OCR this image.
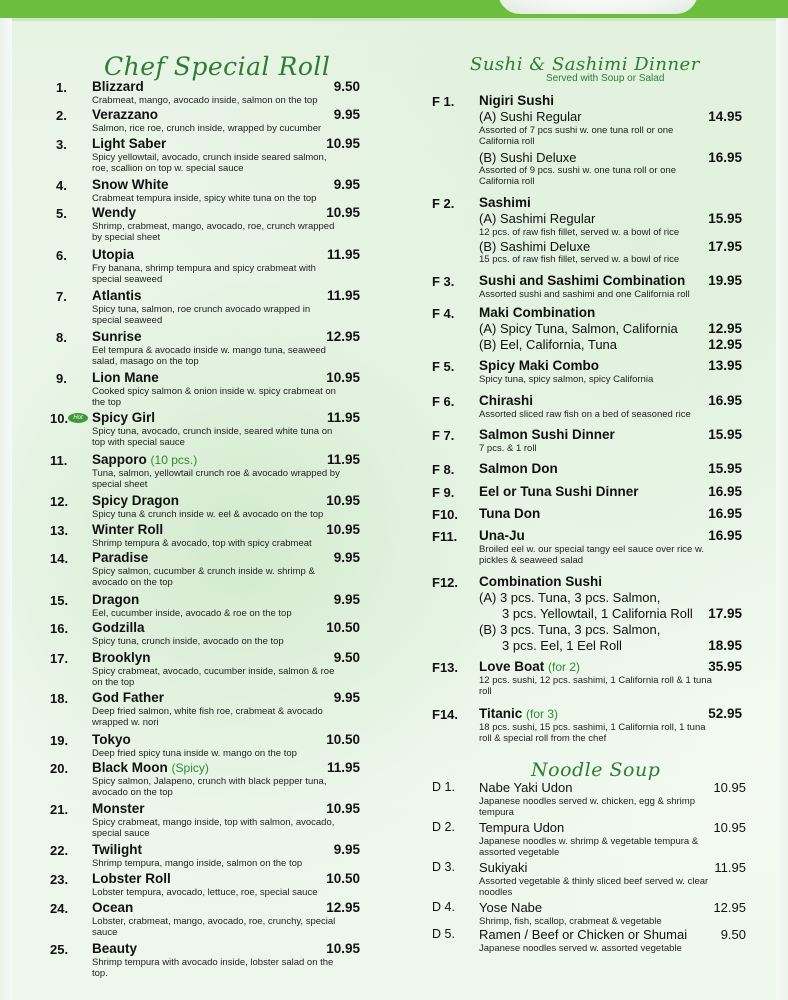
Chef Special Roll	Sushi & Sashimi Dinner
Served with Soup or Salad
Noodle Soup
Hot
1. Blizzard	9.50
Crabmeat, mango, avocado inside, salmon on the top
2. Verazzano	9.95
Salmon, rice roe, crunch inside, wrapped by cucumber
3. Light Saber	10.95
Spicy yellowtail, avocado, crunch inside seared salmon, roe, scallion on top w. special sauce
4. Snow White	9.95
Crabmeat tempura inside, spicy white tuna on the top
5. Wendy	10.95
Shrimp, crabmeat, mango, avocado, roe, crunch wrapped by special sheet
6. Utopia	11.95
Fry banana, shrimp tempura and spicy crabmeat with special seaweed
7. Atlantis	11.95
Spicy tuna, salmon, roe crunch avocado wrapped in special seaweed
8. Sunrise	12.95
Eel tempura & avocado inside w. mango tuna, seaweed salad, masago on the top
9. Lion Mane	10.95
Cooked spicy salmon & onion inside w. spicy crabmeat on the top
10. Spicy Girl	11.95
Spicy tuna, avocado, crunch inside, seared white tuna on top with special sauce
11. Sapporo (10 pcs.)	11.95
Tuna, salmon, yellowtail crunch roe & avocado wrapped by special sheet
12. Spicy Dragon	10.95
Spicy tuna & crunch inside w. eel & avocado on the top
13. Winter Roll	10.95
Shrimp tempura & avocado, top with spicy crabmeat
14. Paradise	9.95
Spicy salmon, cucumber & crunch inside w. shrimp & avocado on the top
15. Dragon	9.95
Eel, cucumber inside, avocado & roe on the top
16. Godzilla	10.50
Spicy tuna, crunch inside, avocado on the top
17. Brooklyn	9.50
Spicy crabmeat, avocado, cucumber inside, salmon & roe on the top
18. God Father	9.95
Deep fried salmon, white fish roe, crabmeat & avocado wrapped w. nori
19. Tokyo	10.50
Deep fried spicy tuna inside w. mango on the top
20. Black Moon (Spicy)	11.95
Spicy salmon, Jalapeno, crunch with black pepper tuna, avocado on the top
21. Monster	10.95
Spicy crabmeat, mango inside, top with salmon, avocado, special sauce
22. Twilight	9.95
Shrimp tempura, mango inside, salmon on the top
23. Lobster Roll	10.50
Lobster tempura, avocado, lettuce, roe, special sauce
24. Ocean	12.95
Lobster, crabmeat, mango, avocado, roe, crunchy, special sauce
25. Beauty	10.95
Shrimp tempura with avocado inside, lobster salad on the top.
F 1. Nigiri Sushi
(A) Sushi Regular	14.95
Assorted of 7 pcs sushi w. one tuna roll or one California roll
(B) Sushi Deluxe	16.95
Assorted of 9 pcs. sushi w. one tuna roll or one California roll
F 2. Sashimi
(A) Sashimi Regular	15.95
12 pcs. of raw fish fillet, served w. a bowl of rice
(B) Sashimi Deluxe	17.95
15 pcs. of raw fish fillet, served w. a bowl of rice
F 3. Sushi and Sashimi Combination	19.95
Assorted sushi and sashimi and one California roll
F 4. Maki Combination
(A) Spicy Tuna, Salmon, California	12.95
(B) Eel, California, Tuna	12.95
F 5. Spicy Maki Combo	13.95
Spicy tuna, spicy salmon, spicy California
F 6. Chirashi	16.95
Assorted sliced raw fish on a bed of seasoned rice
F 7. Salmon Sushi Dinner	15.95
7 pcs. & 1 roll
F 8. Salmon Don	15.95
F 9. Eel or Tuna Sushi Dinner	16.95
F10. Tuna Don	16.95
F11. Una-Ju	16.95
Broiled eel w. our special tangy eel sauce over rice w. pickles & seaweed salad
F12. Combination Sushi
(A) 3 pcs. Tuna, 3 pcs. Salmon,
3 pcs. Yellowtail, 1 California Roll	17.95
(B) 3 pcs. Tuna, 3 pcs. Salmon,
3 pcs. Eel, 1 Eel Roll	18.95
F13. Love Boat (for 2)	35.95
12 pcs. sushi, 12 pcs. sashimi, 1 California roll & 1 tuna roll
F14. Titanic (for 3)	52.95
18 pcs. sushi, 15 pcs. sashimi, 1 California roll, 1 tuna roll & special roll from the chef
D 1. Nabe Yaki Udon	10.95
Japanese noodles served w. chicken, egg & shrimp tempura
D 2. Tempura Udon	10.95
Japanese noodles w. shrimp & vegetable tempura & assorted vegetable
D 3. Sukiyaki	11.95
Assorted vegetable & thinly sliced beef served w. clear noodles
D 4. Yose Nabe	12.95
Shrimp, fish, scallop, crabmeat & vegetable
D 5. Ramen / Beef or Chicken or Shumai	9.50
Japanese noodles served w. assorted vegetable
